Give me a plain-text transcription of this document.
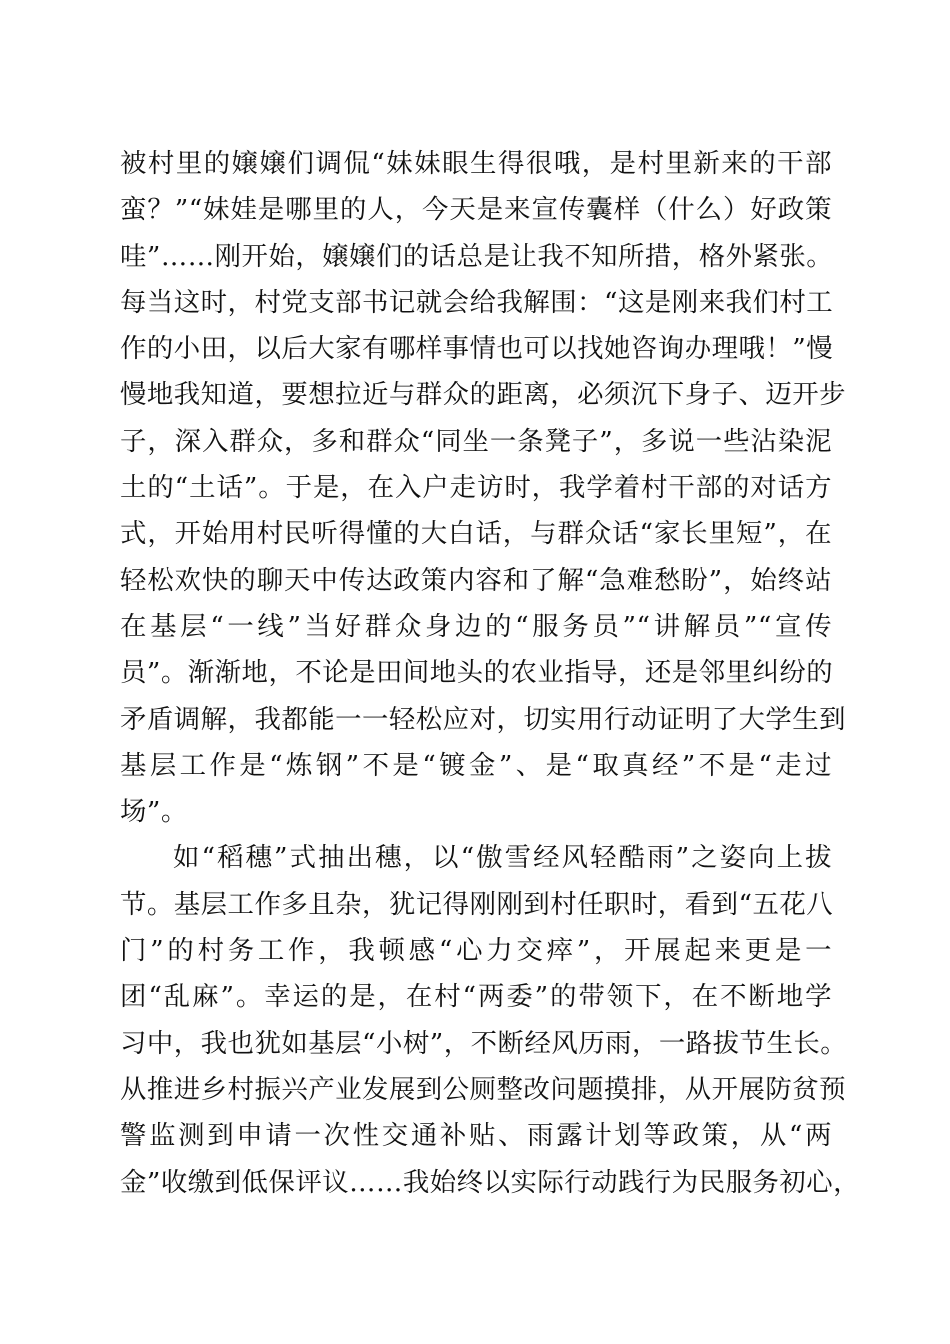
被村里的嬢嬢们调侃“妹妹眼生得很哦，是村里新来的干部
蛮？”“妹娃是哪里的人，今天是来宣传囊样（什么）好政策
哇”……刚开始，嬢嬢们的话总是让我不知所措，格外紧张。
每当这时，村党支部书记就会给我解围：“这是刚来我们村工
作的小田，以后大家有哪样事情也可以找她咨询办理哦！”慢
慢地我知道，要想拉近与群众的距离，必须沉下身子、迈开步
子，深入群众，多和群众“同坐一条凳子”，多说一些沾染泥
土的“土话”。于是，在入户走访时，我学着村干部的对话方
式，开始用村民听得懂的大白话，与群众话“家长里短”，在
轻松欢快的聊天中传达政策内容和了解“急难愁盼”，始终站
在基层“一线”当好群众身边的“服务员”“讲解员”“宣传
员”。渐渐地，不论是田间地头的农业指导，还是邻里纠纷的
矛盾调解，我都能一一轻松应对，切实用行动证明了大学生到
基层工作是“炼钢”不是“镀金”、是“取真经”不是“走过
场”。
如“稻穗”式抽出穗，以“傲雪经风轻酷雨”之姿向上拔
节。基层工作多且杂，犹记得刚刚到村任职时，看到“五花八
门”的村务工作，我顿感“心力交瘁”，开展起来更是一
团“乱麻”。幸运的是，在村“两委”的带领下，在不断地学
习中，我也犹如基层“小树”，不断经风历雨，一路拔节生长。
从推进乡村振兴产业发展到公厕整改问题摸排，从开展防贫预
警监测到申请一次性交通补贴、雨露计划等政策，从“两
金”收缴到低保评议……我始终以实际行动践行为民服务初心，
